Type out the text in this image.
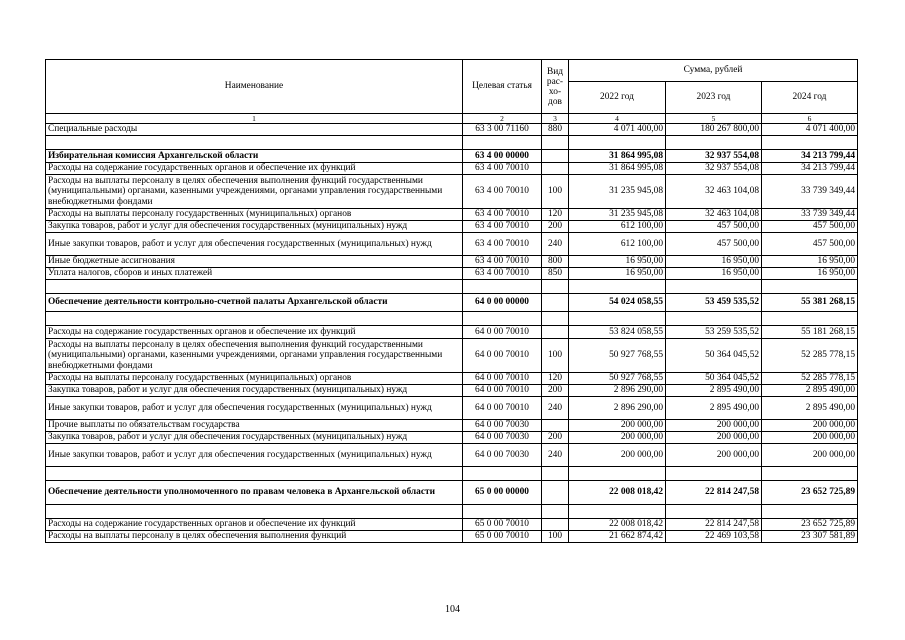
Наименование	Целевая статья	Вид рас-хо-дов	Сумма, рублей		
			2022 год	2023 год	2024 год
1	2	3	4	5	6
Специальные расходы	63 3 00 71160	880	4 071 400,00	180 267 800,00	4 071 400,00

Избирательная комиссия Архангельской области	63 4 00 00000		31 864 995,08	32 937 554,08	34 213 799,44
Расходы на содержание государственных органов и обеспечение их функций	63 4 00 70010		31 864 995,08	32 937 554,08	34 213 799,44
Расходы на выплаты персоналу в целях обеспечения выполнения функций государственными (муниципальными) органами, казенными учреждениями, органами управления государственными внебюджетными фондами	63 4 00 70010	100	31 235 945,08	32 463 104,08	33 739 349,44
Расходы на выплаты персоналу государственных (муниципальных) органов	63 4 00 70010	120	31 235 945,08	32 463 104,08	33 739 349,44
Закупка товаров, работ и услуг для обеспечения государственных (муниципальных) нужд	63 4 00 70010	200	612 100,00	457 500,00	457 500,00
Иные закупки товаров, работ и услуг для обеспечения государственных (муниципальных) нужд	63 4 00 70010	240	612 100,00	457 500,00	457 500,00
Иные бюджетные ассигнования	63 4 00 70010	800	16 950,00	16 950,00	16 950,00
Уплата налогов, сборов и иных платежей	63 4 00 70010	850	16 950,00	16 950,00	16 950,00

Обеспечение деятельности контрольно-счетной палаты Архангельской области	64 0 00 00000		54 024 058,55	53 459 535,52	55 381 268,15

Расходы на содержание государственных органов и обеспечение их функций	64 0 00 70010		53 824 058,55	53 259 535,52	55 181 268,15
Расходы на выплаты персоналу в целях обеспечения выполнения функций государственными (муниципальными) органами, казенными учреждениями, органами управления государственными внебюджетными фондами	64 0 00 70010	100	50 927 768,55	50 364 045,52	52 285 778,15
Расходы на выплаты персоналу государственных (муниципальных) органов	64 0 00 70010	120	50 927 768,55	50 364 045,52	52 285 778,15
Закупка товаров, работ и услуг для обеспечения государственных (муниципальных) нужд	64 0 00 70010	200	2 896 290,00	2 895 490,00	2 895 490,00
Иные закупки товаров, работ и услуг для обеспечения государственных (муниципальных) нужд	64 0 00 70010	240	2 896 290,00	2 895 490,00	2 895 490,00
Прочие выплаты по обязательствам государства	64 0 00 70030		200 000,00	200 000,00	200 000,00
Закупка товаров, работ и услуг для обеспечения государственных (муниципальных) нужд	64 0 00 70030	200	200 000,00	200 000,00	200 000,00
Иные закупки товаров, работ и услуг для обеспечения государственных (муниципальных) нужд	64 0 00 70030	240	200 000,00	200 000,00	200 000,00

Обеспечение деятельности уполномоченного по правам человека в Архангельской области	65 0 00 00000		22 008 018,42	22 814 247,58	23 652 725,89

Расходы на содержание государственных органов и обеспечение их функций	65 0 00 70010		22 008 018,42	22 814 247,58	23 652 725,89
Расходы на выплаты персоналу в целях обеспечения выполнения функций	65 0 00 70010	100	21 662 874,42	22 469 103,58	23 307 581,89
104
